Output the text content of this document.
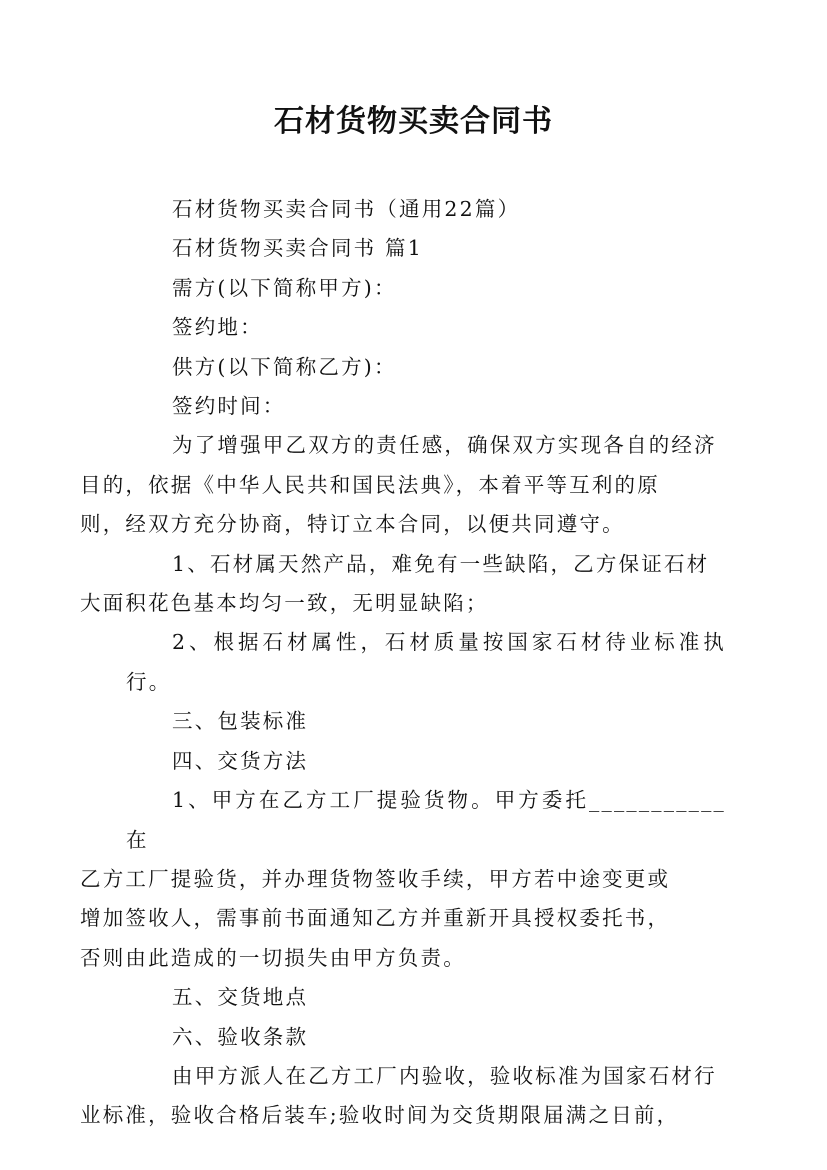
石材货物买卖合同书

石材货物买卖合同书（通用22篇）

石材货物买卖合同书 篇1

需方(以下简称甲方)：

签约地：

供方(以下简称乙方)：

签约时间：

为了增强甲乙双方的责任感，确保双方实现各自的经济
目的，依据《中华人民共和国民法典》，本着平等互利的原
则，经双方充分协商，特订立本合同，以便共同遵守。

1、石材属天然产品，难免有一些缺陷，乙方保证石材
大面积花色基本均匀一致，无明显缺陷；

2、根据石材属性，石材质量按国家石材待业标准执行。

三、包装标准

四、交货方法

1、甲方在乙方工厂提验货物。甲方委托___________在
乙方工厂提验货，并办理货物签收手续，甲方若中途变更或
增加签收人，需事前书面通知乙方并重新开具授权委托书，
否则由此造成的一切损失由甲方负责。

五、交货地点

六、验收条款

由甲方派人在乙方工厂内验收，验收标准为国家石材行
业标准，验收合格后装车;验收时间为交货期限届满之日前，
